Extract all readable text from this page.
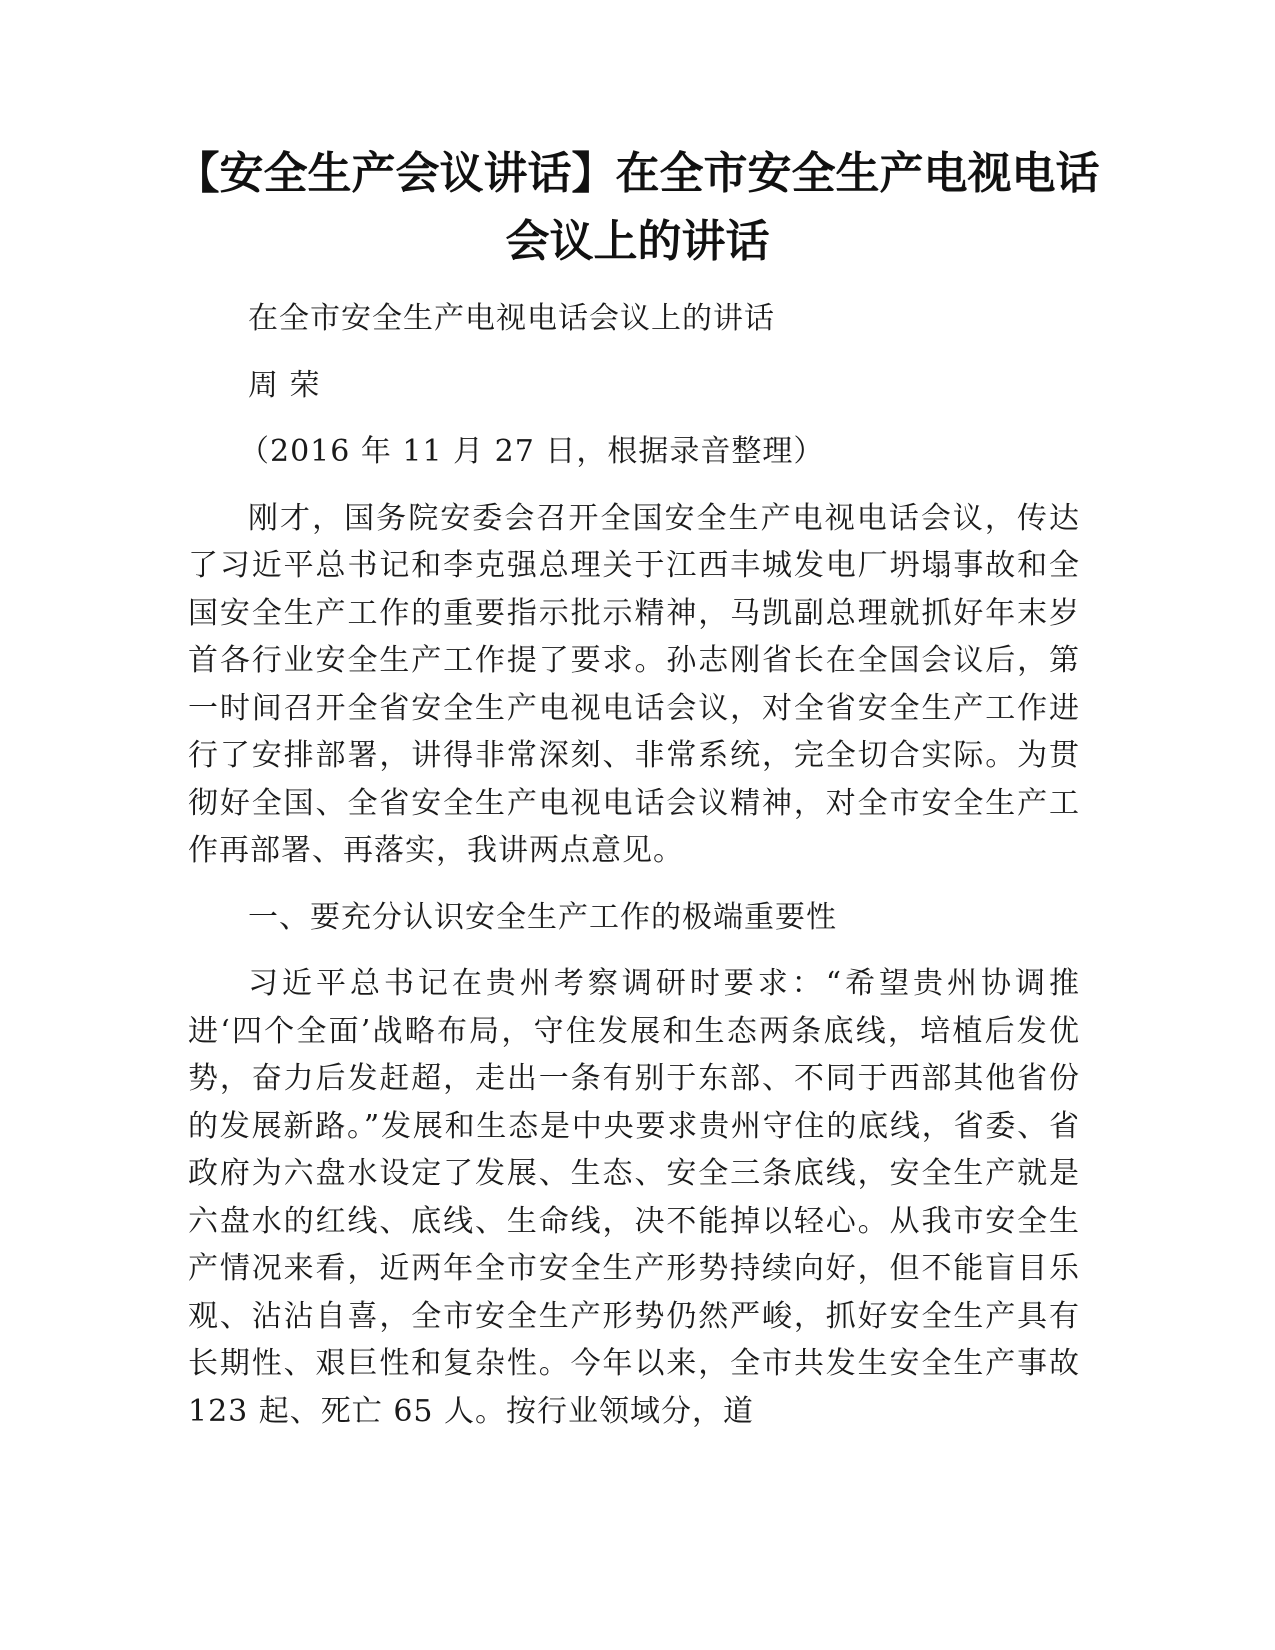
【安全生产会议讲话】在全市安全生产电视电话会议上的讲话

在全市安全生产电视电话会议上的讲话

周 荣

（2016 年 11 月 27 日，根据录音整理）

刚才，国务院安委会召开全国安全生产电视电话会议，传达了习近平总书记和李克强总理关于江西丰城发电厂坍塌事故和全国安全生产工作的重要指示批示精神，马凯副总理就抓好年末岁首各行业安全生产工作提了要求。孙志刚省长在全国会议后，第一时间召开全省安全生产电视电话会议，对全省安全生产工作进行了安排部署，讲得非常深刻、非常系统，完全切合实际。为贯彻好全国、全省安全生产电视电话会议精神，对全市安全生产工作再部署、再落实，我讲两点意见。

一、要充分认识安全生产工作的极端重要性

习近平总书记在贵州考察调研时要求：“希望贵州协调推进‘四个全面’战略布局，守住发展和生态两条底线，培植后发优势，奋力后发赶超，走出一条有别于东部、不同于西部其他省份的发展新路。”发展和生态是中央要求贵州守住的底线，省委、省政府为六盘水设定了发展、生态、安全三条底线，安全生产就是六盘水的红线、底线、生命线，决不能掉以轻心。从我市安全生产情况来看，近两年全市安全生产形势持续向好，但不能盲目乐观、沾沾自喜，全市安全生产形势仍然严峻，抓好安全生产具有长期性、艰巨性和复杂性。今年以来，全市共发生安全生产事故 123 起、死亡 65 人。按行业领域分，道
